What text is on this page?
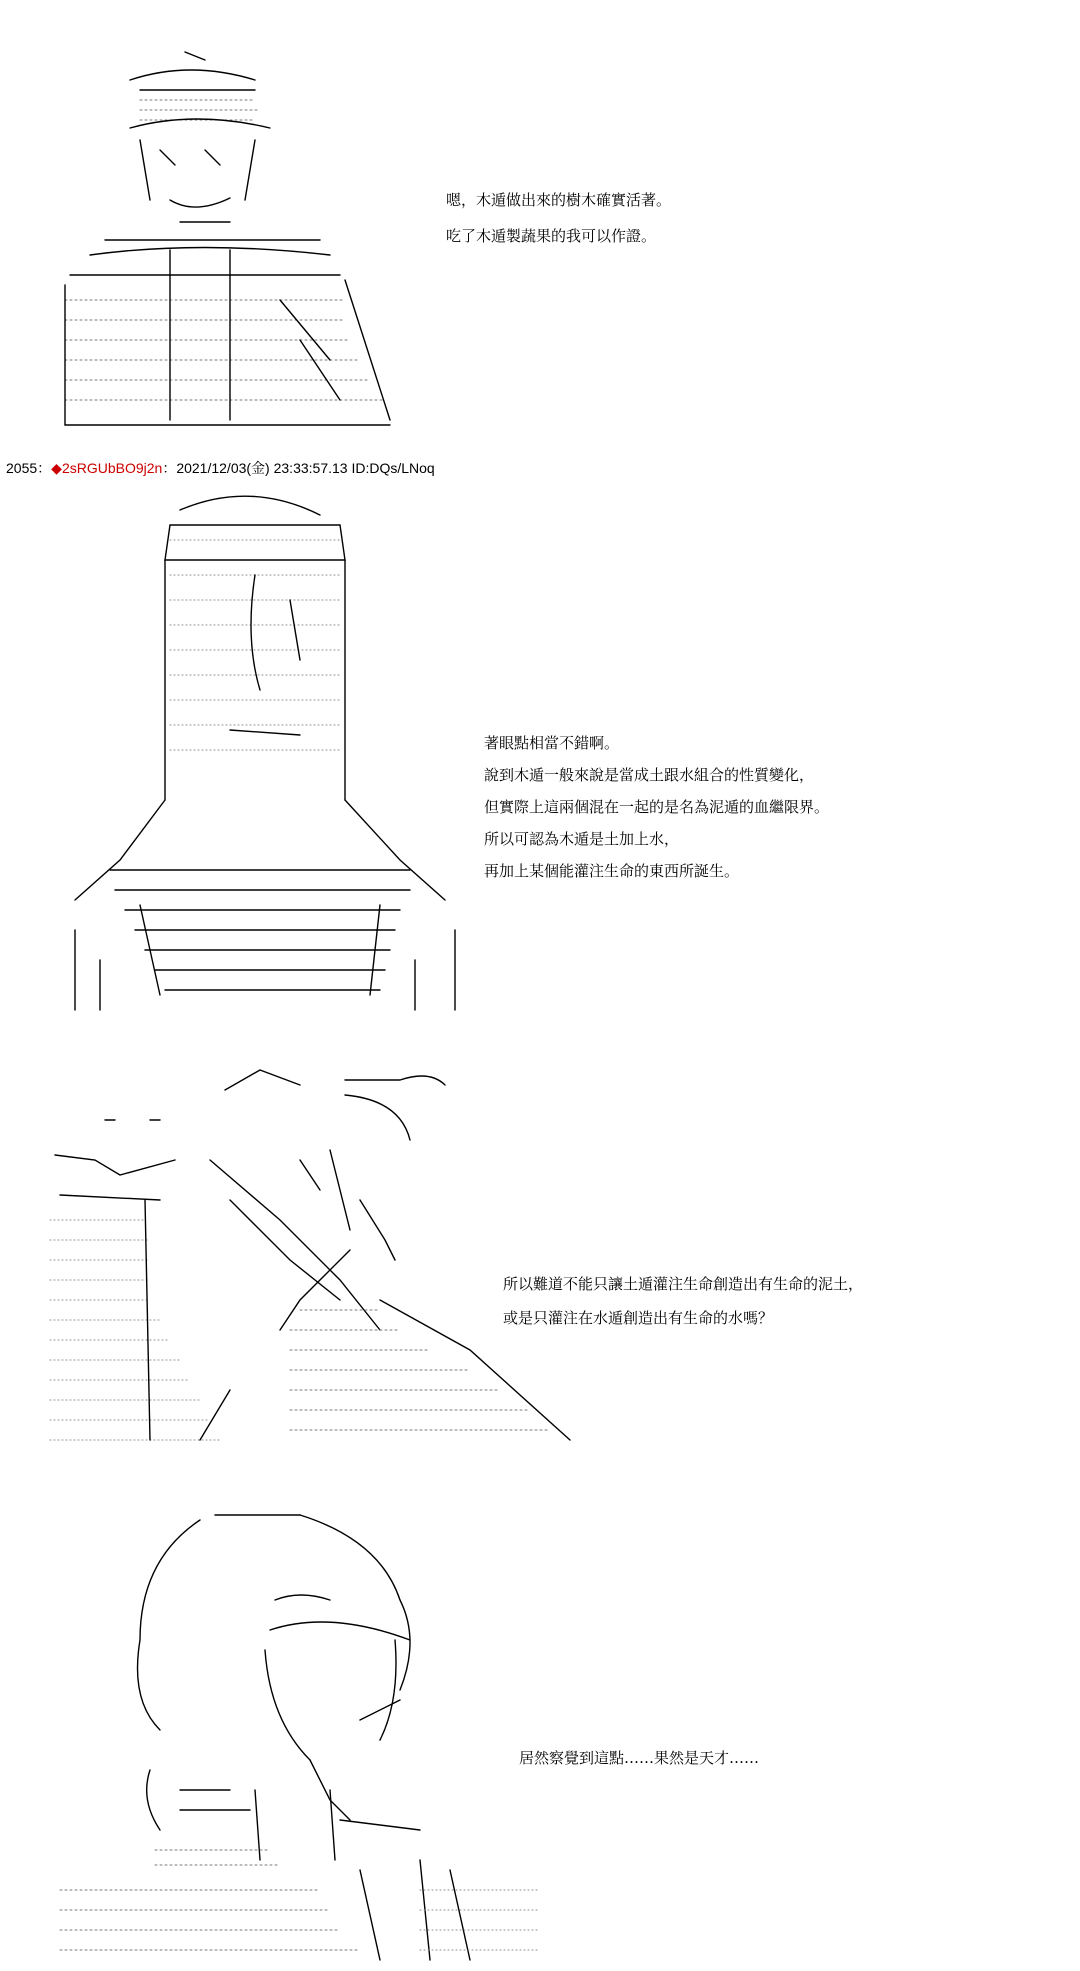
嗯，木遁做出來的樹木確實活著。
吃了木遁製蔬果的我可以作證。
2055：◆2sRGUbBO9j2n：2021/12/03(金) 23:33:57.13 ID:DQs/LNoq
著眼點相當不錯啊。
說到木遁一般來說是當成土跟水組合的性質變化，
但實際上這兩個混在一起的是名為泥遁的血繼限界。
所以可認為木遁是土加上水，
再加上某個能灌注生命的東西所誕生。
所以難道不能只讓土遁灌注生命創造出有生命的泥土，
或是只灌注在水遁創造出有生命的水嗎？
居然察覺到這點……果然是天才……
